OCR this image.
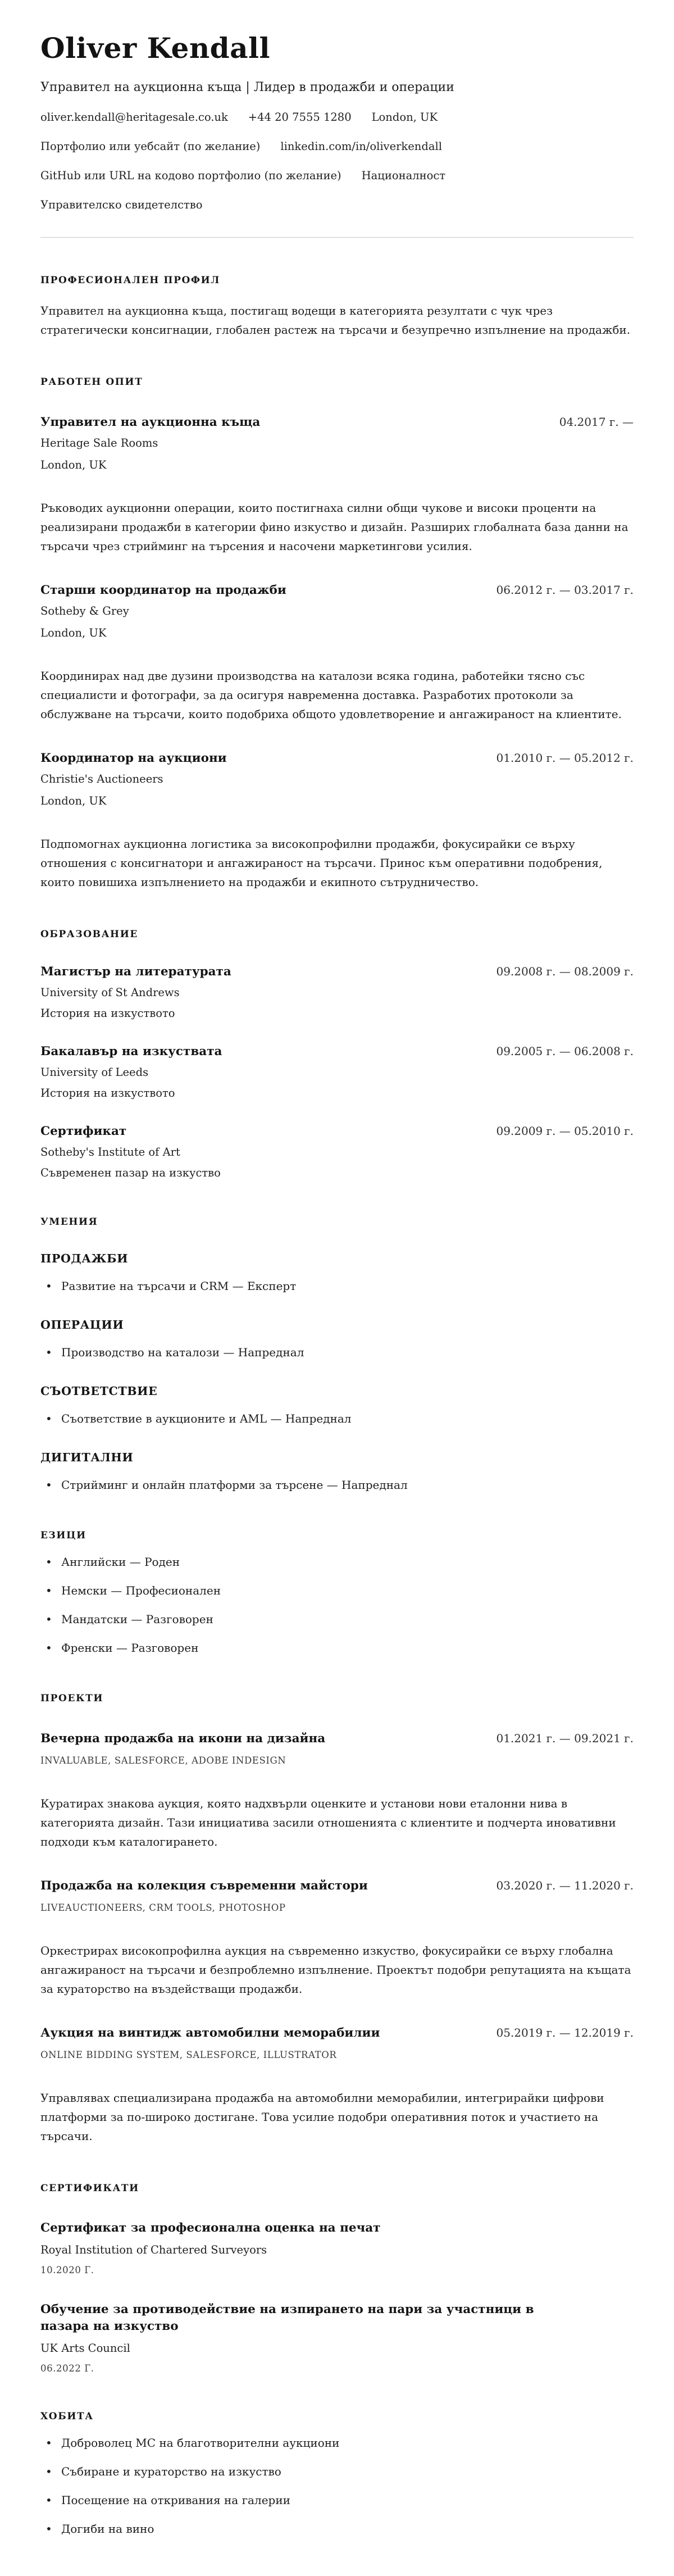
Oliver Kendall
Управител на аукционна къща | Лидер в продажби и операции
oliver.kendall@heritagesale.co.uk +44 20 7555 1280 London, UK
Портфолио или уебсайт (по желание) linkedin.com/in/oliverkendall
GitHub или URL на кодово портфолио (по желание) Националност
Управителско свидетелство
ПРОФЕСИОНАЛЕН ПРОФИЛ
Управител на аукционна къща, постигащ водещи в категорията резултати с чук чрез стратегически консигнации, глобален растеж на търсачи и безупречно изпълнение на продажби.
РАБОТЕН ОПИТ
Управител на аукционна къща	04.2017 г. —
Heritage Sale Rooms
London, UK
Ръководих аукционни операции, които постигнаха силни общи чукове и високи проценти на реализирани продажби в категории фино изкуство и дизайн. Разширих глобалната база данни на търсачи чрез стрийминг на търсения и насочени маркетингови усилия.
Старши координатор на продажби	06.2012 г. — 03.2017 г.
Sotheby & Grey
London, UK
Координирах над две дузини производства на каталози всяка година, работейки тясно със специалисти и фотографи, за да осигуря навременна доставка. Разработих протоколи за обслужване на търсачи, които подобриха общото удовлетворение и ангажираност на клиентите.
Координатор на аукциони	01.2010 г. — 05.2012 г.
Christie's Auctioneers
London, UK
Подпомогнах аукционна логистика за високопрофилни продажби, фокусирайки се върху отношения с консигнатори и ангажираност на търсачи. Принос към оперативни подобрения, които повишиха изпълнението на продажби и екипното сътрудничество.
ОБРАЗОВАНИЕ
Магистър на литературата	09.2008 г. — 08.2009 г.
University of St Andrews
История на изкуството
Бакалавър на изкуствата	09.2005 г. — 06.2008 г.
University of Leeds
История на изкуството
Сертификат	09.2009 г. — 05.2010 г.
Sotheby's Institute of Art
Съвременен пазар на изкуство
УМЕНИЯ
ПРОДАЖБИ
• Развитие на търсачи и CRM — Експерт
ОПЕРАЦИИ
• Производство на каталози — Напреднал
СЪОТВЕТСТВИЕ
• Съответствие в аукционите и AML — Напреднал
ДИГИТАЛНИ
• Стрийминг и онлайн платформи за търсене — Напреднал
ЕЗИЦИ
• Английски — Роден
• Немски — Професионален
• Мандатски — Разговорен
• Френски — Разговорен
ПРОЕКТИ
Вечерна продажба на икони на дизайна	01.2021 г. — 09.2021 г.
INVALUABLE, SALESFORCE, ADOBE INDESIGN
Куратирах знакова аукция, която надхвърли оценките и установи нови еталонни нива в категорията дизайн. Тази инициатива засили отношенията с клиентите и подчерта иновативни подходи към каталогирането.
Продажба на колекция съвременни майстори	03.2020 г. — 11.2020 г.
LIVEAUCTIONEERS, CRM TOOLS, PHOTOSHOP
Оркестрирах високопрофилна аукция на съвременно изкуство, фокусирайки се върху глобална ангажираност на търсачи и безпроблемно изпълнение. Проектът подобри репутацията на къщата за кураторство на въздействащи продажби.
Аукция на винтидж автомобилни меморабилии	05.2019 г. — 12.2019 г.
ONLINE BIDDING SYSTEM, SALESFORCE, ILLUSTRATOR
Управлявах специализирана продажба на автомобилни меморабилии, интегрирайки цифрови платформи за по-широко достигане. Това усилие подобри оперативния поток и участието на търсачи.
СЕРТИФИКАТИ
Сертификат за професионална оценка на печат
Royal Institution of Chartered Surveyors
10.2020 Г.
Обучение за противодействие на изпирането на пари за участници в пазара на изкуство
UK Arts Council
06.2022 Г.
ХОБИТА
• Доброволец МС на благотворителни аукциони
• Събиране и кураторство на изкуство
• Посещение на откривания на галерии
• Догиби на вино
